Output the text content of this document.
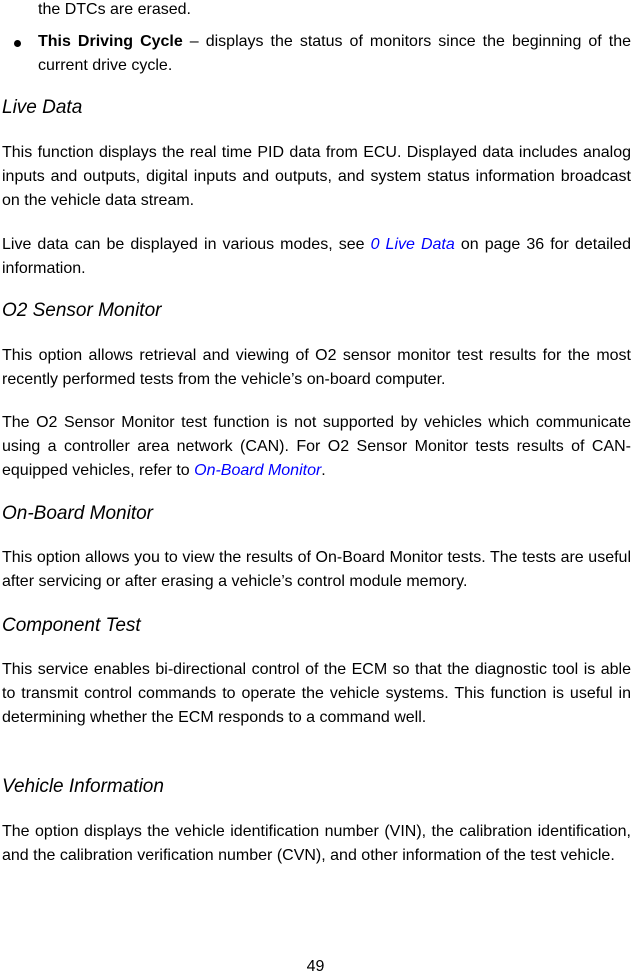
the DTCs are erased.

This Driving Cycle – displays the status of monitors since the beginning of the current drive cycle.

Live Data

This function displays the real time PID data from ECU. Displayed data includes analog inputs and outputs, digital inputs and outputs, and system status information broadcast on the vehicle data stream.

Live data can be displayed in various modes, see 0 Live Data on page 36 for detailed information.

O2 Sensor Monitor

This option allows retrieval and viewing of O2 sensor monitor test results for the most recently performed tests from the vehicle’s on-board computer.

The O2 Sensor Monitor test function is not supported by vehicles which communicate using a controller area network (CAN). For O2 Sensor Monitor tests results of CAN-equipped vehicles, refer to On-Board Monitor.

On-Board Monitor

This option allows you to view the results of On-Board Monitor tests. The tests are useful after servicing or after erasing a vehicle’s control module memory.

Component Test

This service enables bi-directional control of the ECM so that the diagnostic tool is able to transmit control commands to operate the vehicle systems. This function is useful in determining whether the ECM responds to a command well.

Vehicle Information

The option displays the vehicle identification number (VIN), the calibration identification, and the calibration verification number (CVN), and other information of the test vehicle.

49
